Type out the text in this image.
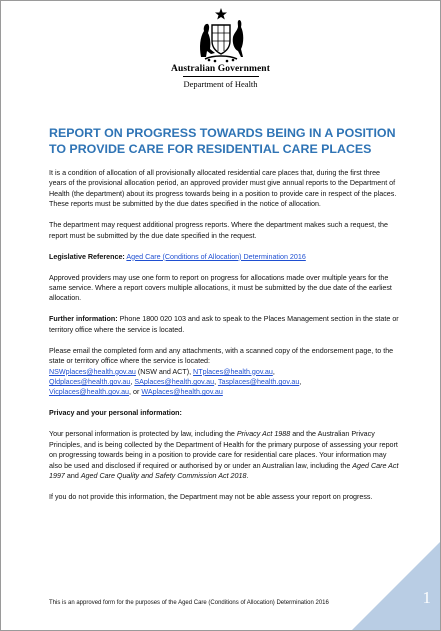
Australian Government
Department of Health
REPORT ON PROGRESS TOWARDS BEING IN A POSITION TO PROVIDE CARE FOR RESIDENTIAL CARE PLACES

It is a condition of allocation of all provisionally allocated residential care places that, during the first three years of the provisional allocation period, an approved provider must give annual reports to the Department of Health (the department) about its progress towards being in a position to provide care in respect of the places. These reports must be submitted by the due dates specified in the notice of allocation.

The department may request additional progress reports. Where the department makes such a request, the report must be submitted by the due date specified in the request.

Legislative Reference: Aged Care (Conditions of Allocation) Determination 2016

Approved providers may use one form to report on progress for allocations made over multiple years for the same service. Where a report covers multiple allocations, it must be submitted by the due date of the earliest allocation.

Further information: Phone 1800 020 103 and ask to speak to the Places Management section in the state or territory office where the service is located.

Please email the completed form and any attachments, with a scanned copy of the endorsement page, to the state or territory office where the service is located:
NSWplaces@health.gov.au (NSW and ACT), NTplaces@health.gov.au,
Qldplaces@health.gov.au, SAplaces@health.gov.au, Tasplaces@health.gov.au,
Vicplaces@health.gov.au, or WAplaces@health.gov.au

Privacy and your personal information:

Your personal information is protected by law, including the Privacy Act 1988 and the Australian Privacy Principles, and is being collected by the Department of Health for the primary purpose of assessing your report on progressing towards being in a position to provide care for residential care places. Your information may also be used and disclosed if required or authorised by or under an Australian law, including the Aged Care Act 1997 and Aged Care Quality and Safety Commission Act 2018.

If you do not provide this information, the Department may not be able assess your report on progress.

This is an approved form for the purposes of the Aged Care (Conditions of Allocation) Determination 2016	1
